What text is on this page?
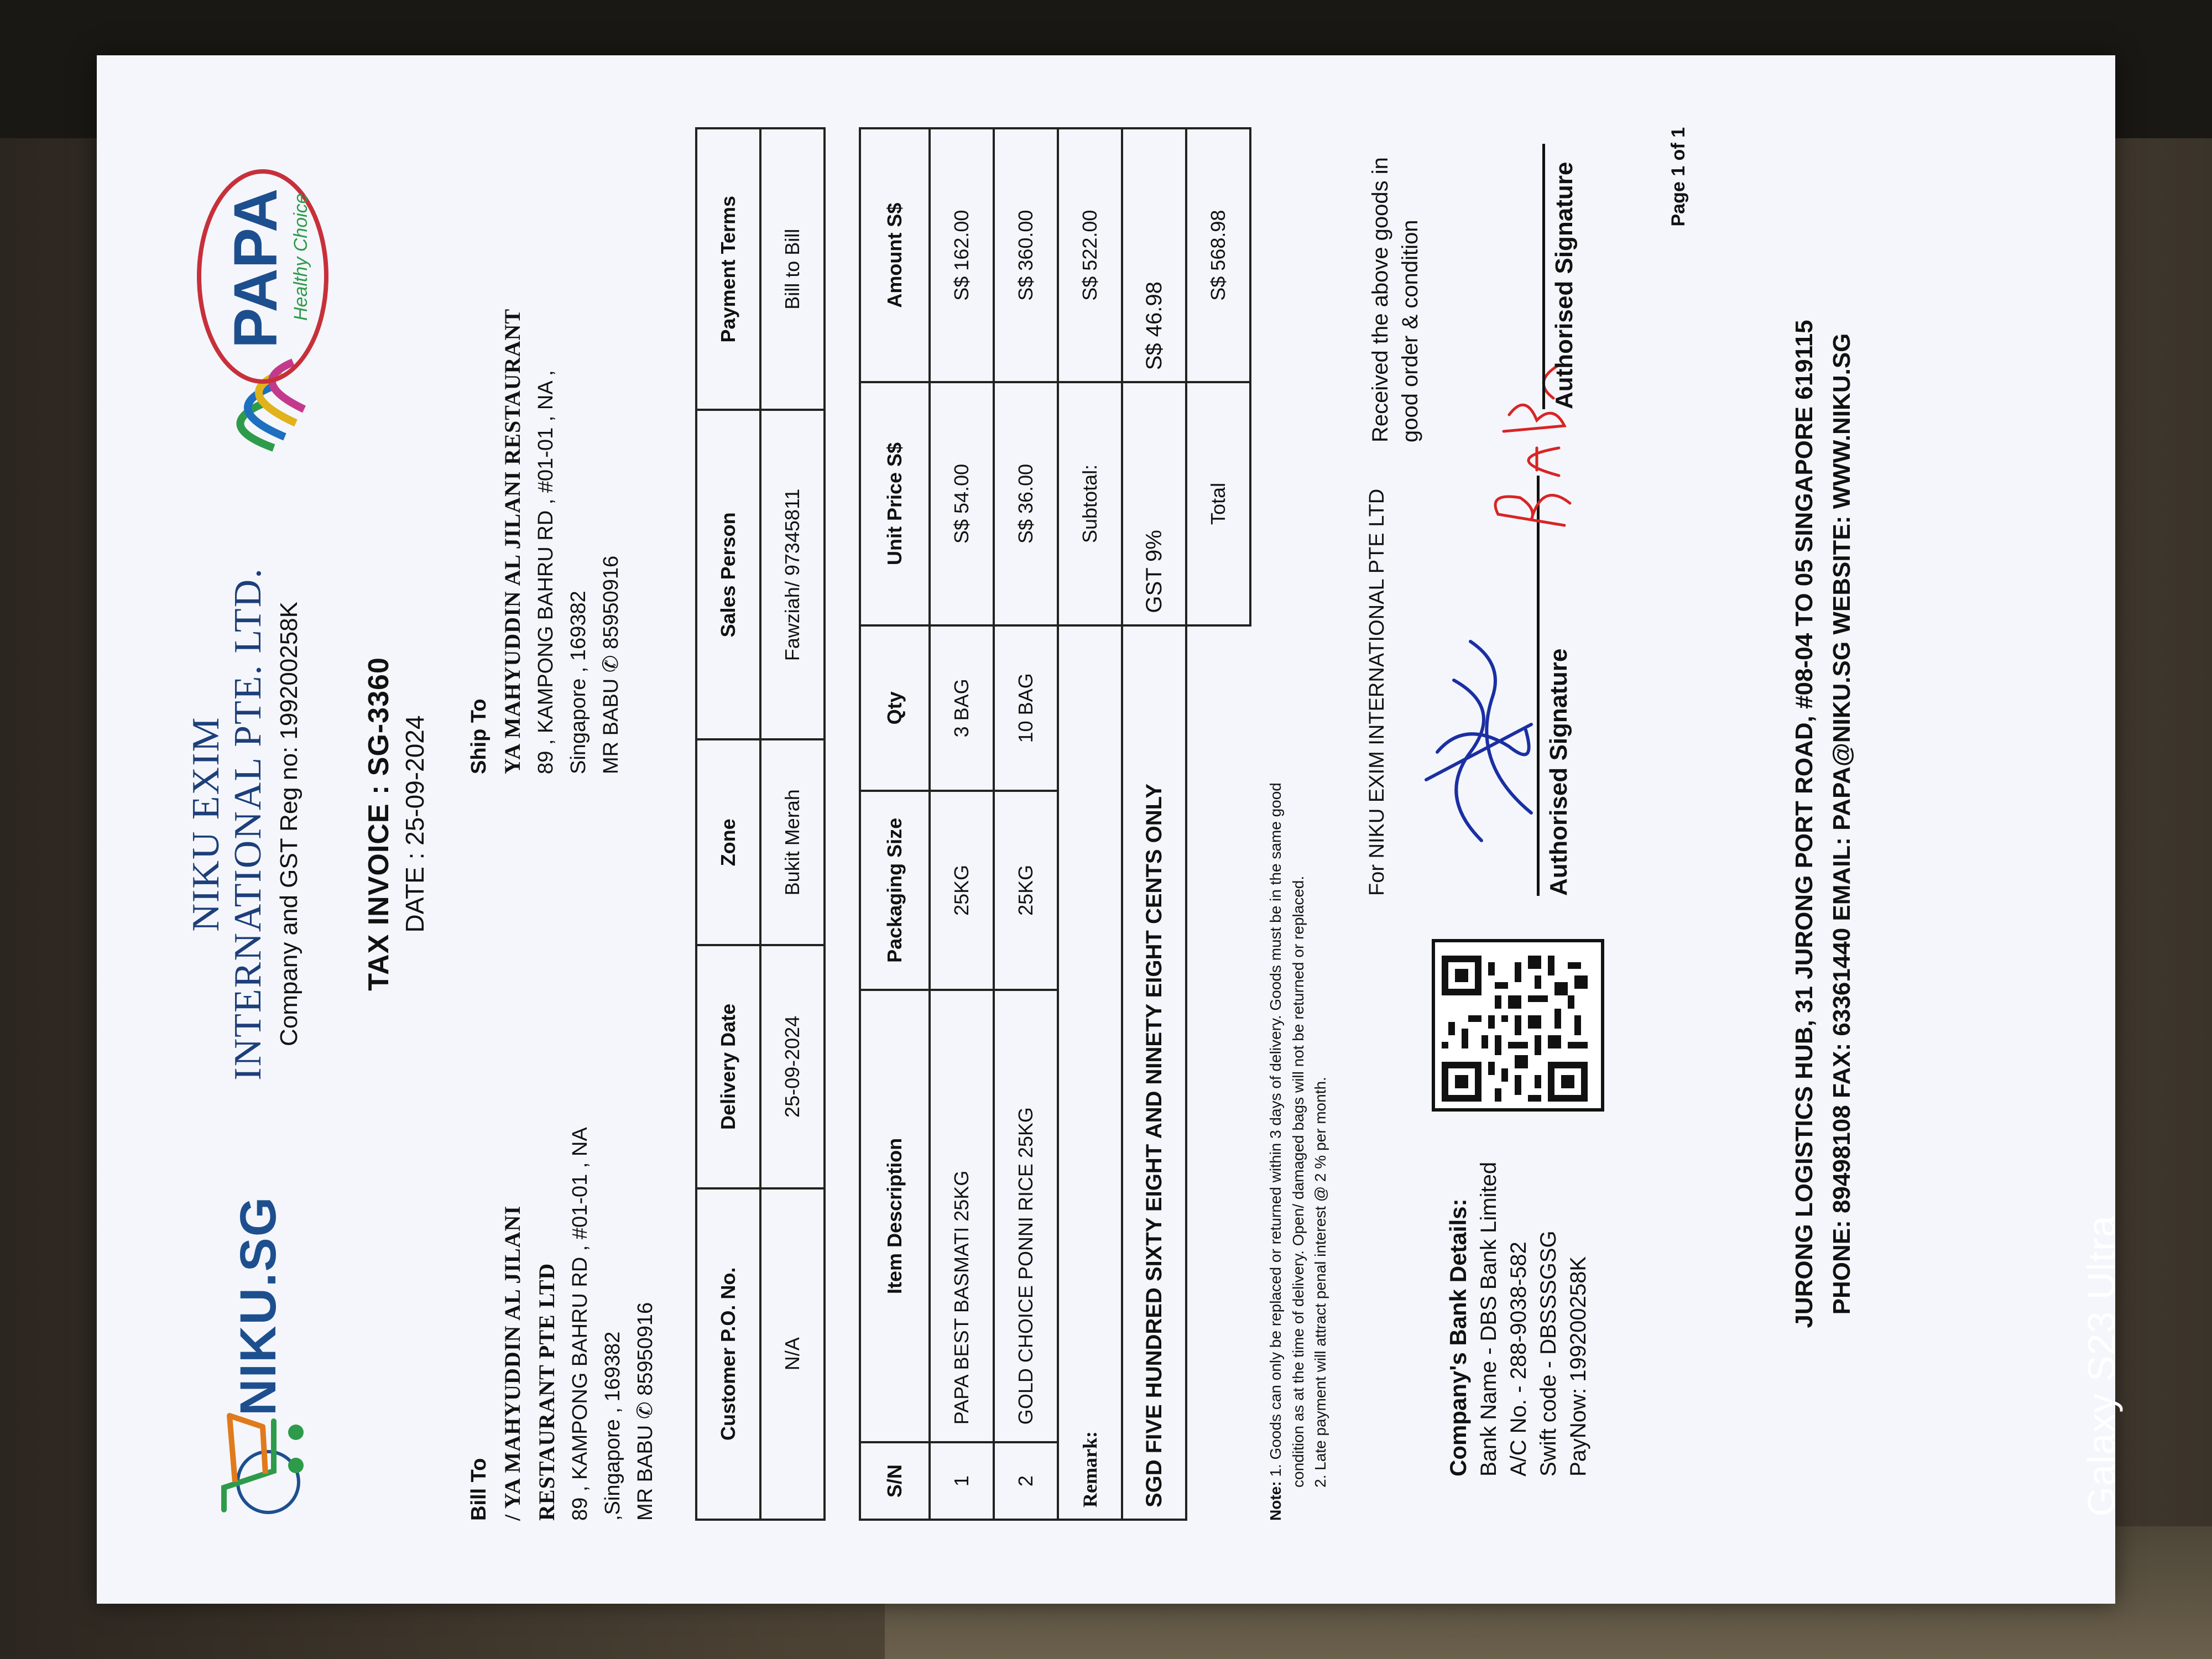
NIKU.SG
NIKU EXIM
INTERNATIONAL PTE. LTD. Company and GST Reg no: 199200258K
PAPA Healthy Choice
TAX INVOICE : SG-3360 DATE : 25-09-2024
Bill To / YA MAHYUDDIN AL JILANI RESTAURANT PTE LTD 89 , KAMPONG BAHRU RD , #01-01 , NA ,Singapore , 169382 MR BABU ✆ 85950916
Ship To YA MAHYUDDIN AL JILANI RESTAURANT 89 , KAMPONG BAHRU RD , #01-01 , NA , Singapore , 169382 MR BABU ✆ 85950916
Customer P.O. No.	Delivery Date	Zone	Sales Person	Payment Terms
N/A	25-09-2024	Bukit Merah	Fawziah/ 97345811	Bill to Bill
S/N	Item Description	Packaging Size	Qty	Unit Price S$	Amount S$
1	PAPA BEST BASMATI 25KG	25KG	3 BAG	S$ 54.00	S$ 162.00
2	GOLD CHOICE PONNI RICE 25KG	25KG	10 BAG	S$ 36.00	S$ 360.00
Remark:				Subtotal:	S$ 522.00
SGD FIVE HUNDRED SIXTY EIGHT AND NINETY EIGHT CENTS ONLY				GST 9%	S$ 46.98
				Total	S$ 568.98

Note: 1. Goods can only be replaced or returned within 3 days of delivery. Goods must be in the same good condition as at the time of delivery. Open/ damaged bags will not be returned or replaced. 2. Late payment will attract penal interest @ 2 % per month.	Company's Bank Details: Bank Name - DBS Bank Limited A/C No. - 288-9038-582 Swift code - DBSSSGSG PayNow: 199200258K
For NIKU EXIM INTERNATIONAL PTE LTD	Authorised Signature
Received the above goods in good order & condition	Authorised Signature	Page 1 of 1
JURONG LOGISTICS HUB, 31 JURONG PORT ROAD, #08-04 TO 05 SINGAPORE 619115 PHONE: 89498108 FAX: 63361440 EMAIL: PAPA@NIKU.SG WEBSITE: WWW.NIKU.SG
Galaxy S23 Ultra
